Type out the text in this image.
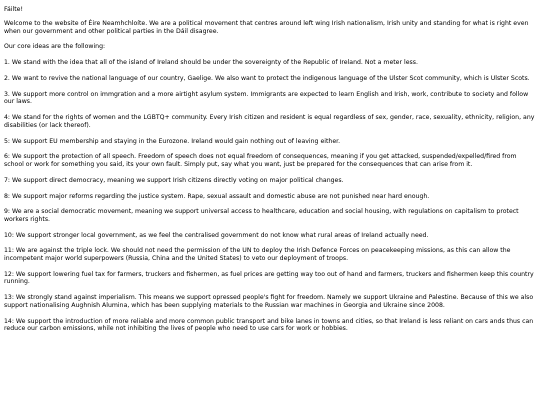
Fáilte!

Welcome to the website of Éire Neamhchloíte. We are a political movement that centres around left wing Irish nationalism, Irish unity and standing for what is right even when our government and other political parties in the Dáil disagree.

Our core ideas are the following:

1. We stand with the idea that all of the island of Ireland should be under the sovereignty of the Republic of Ireland. Not a meter less.

2. We want to revive the national language of our country, Gaelige. We also want to protect the indigenous language of the Ulster Scot community, which is Ulster Scots.

3. We support more control on immgration and a more airtight asylum system. Immigrants are expected to learn English and Irish, work, contribute to society and follow our laws.

4: We stand for the rights of women and the LGBTQ+ community. Every Irish citizen and resident is equal regardless of sex, gender, race, sexuality, ethnicity, religion, any disabilities (or lack thereof).

5: We support EU membership and staying in the Eurozone. Ireland would gain nothing out of leaving either.

6: We support the protection of all speech. Freedom of speech does not equal freedom of consequences, meaning if you get attacked, suspended/expelled/fired from school or work for something you said, its your own fault. Simply put, say what you want, just be prepared for the consequences that can arise from it.

7: We support direct democracy, meaning we support Irish citizens directly voting on major political changes.

8: We support major reforms regarding the justice system. Rape, sexual assault and domestic abuse are not punished near hard enough.

9: We are a social democratic movement, meaning we support universal access to healthcare, education and social housing, with regulations on capitalism to protect workers rights.

10: We support stronger local government, as we feel the centralised government do not know what rural areas of Ireland actually need.

11: We are against the triple lock. We should not need the permission of the UN to deploy the Irish Defence Forces on peacekeeping missions, as this can allow the incompetent major world superpowers (Russia, China and the United States) to veto our deployment of troops.

12: We support lowering fuel tax for farmers, truckers and fishermen, as fuel prices are getting way too out of hand and farmers, truckers and fishermen keep this country running.

13: We strongly stand against imperialism. This means we support opressed people's fight for freedom. Namely we support Ukraine and Palestine. Because of this we also support nationalising Aughnish Alumina, which has been supplying materials to the Russian war machines in Georgia and Ukraine since 2008.

14: We support the introduction of more reliable and more common public transport and bike lanes in towns and cities, so that Ireland is less reliant on cars ands thus can reduce our carbon emissions, while not inhibiting the lives of people who need to use cars for work or hobbies.
